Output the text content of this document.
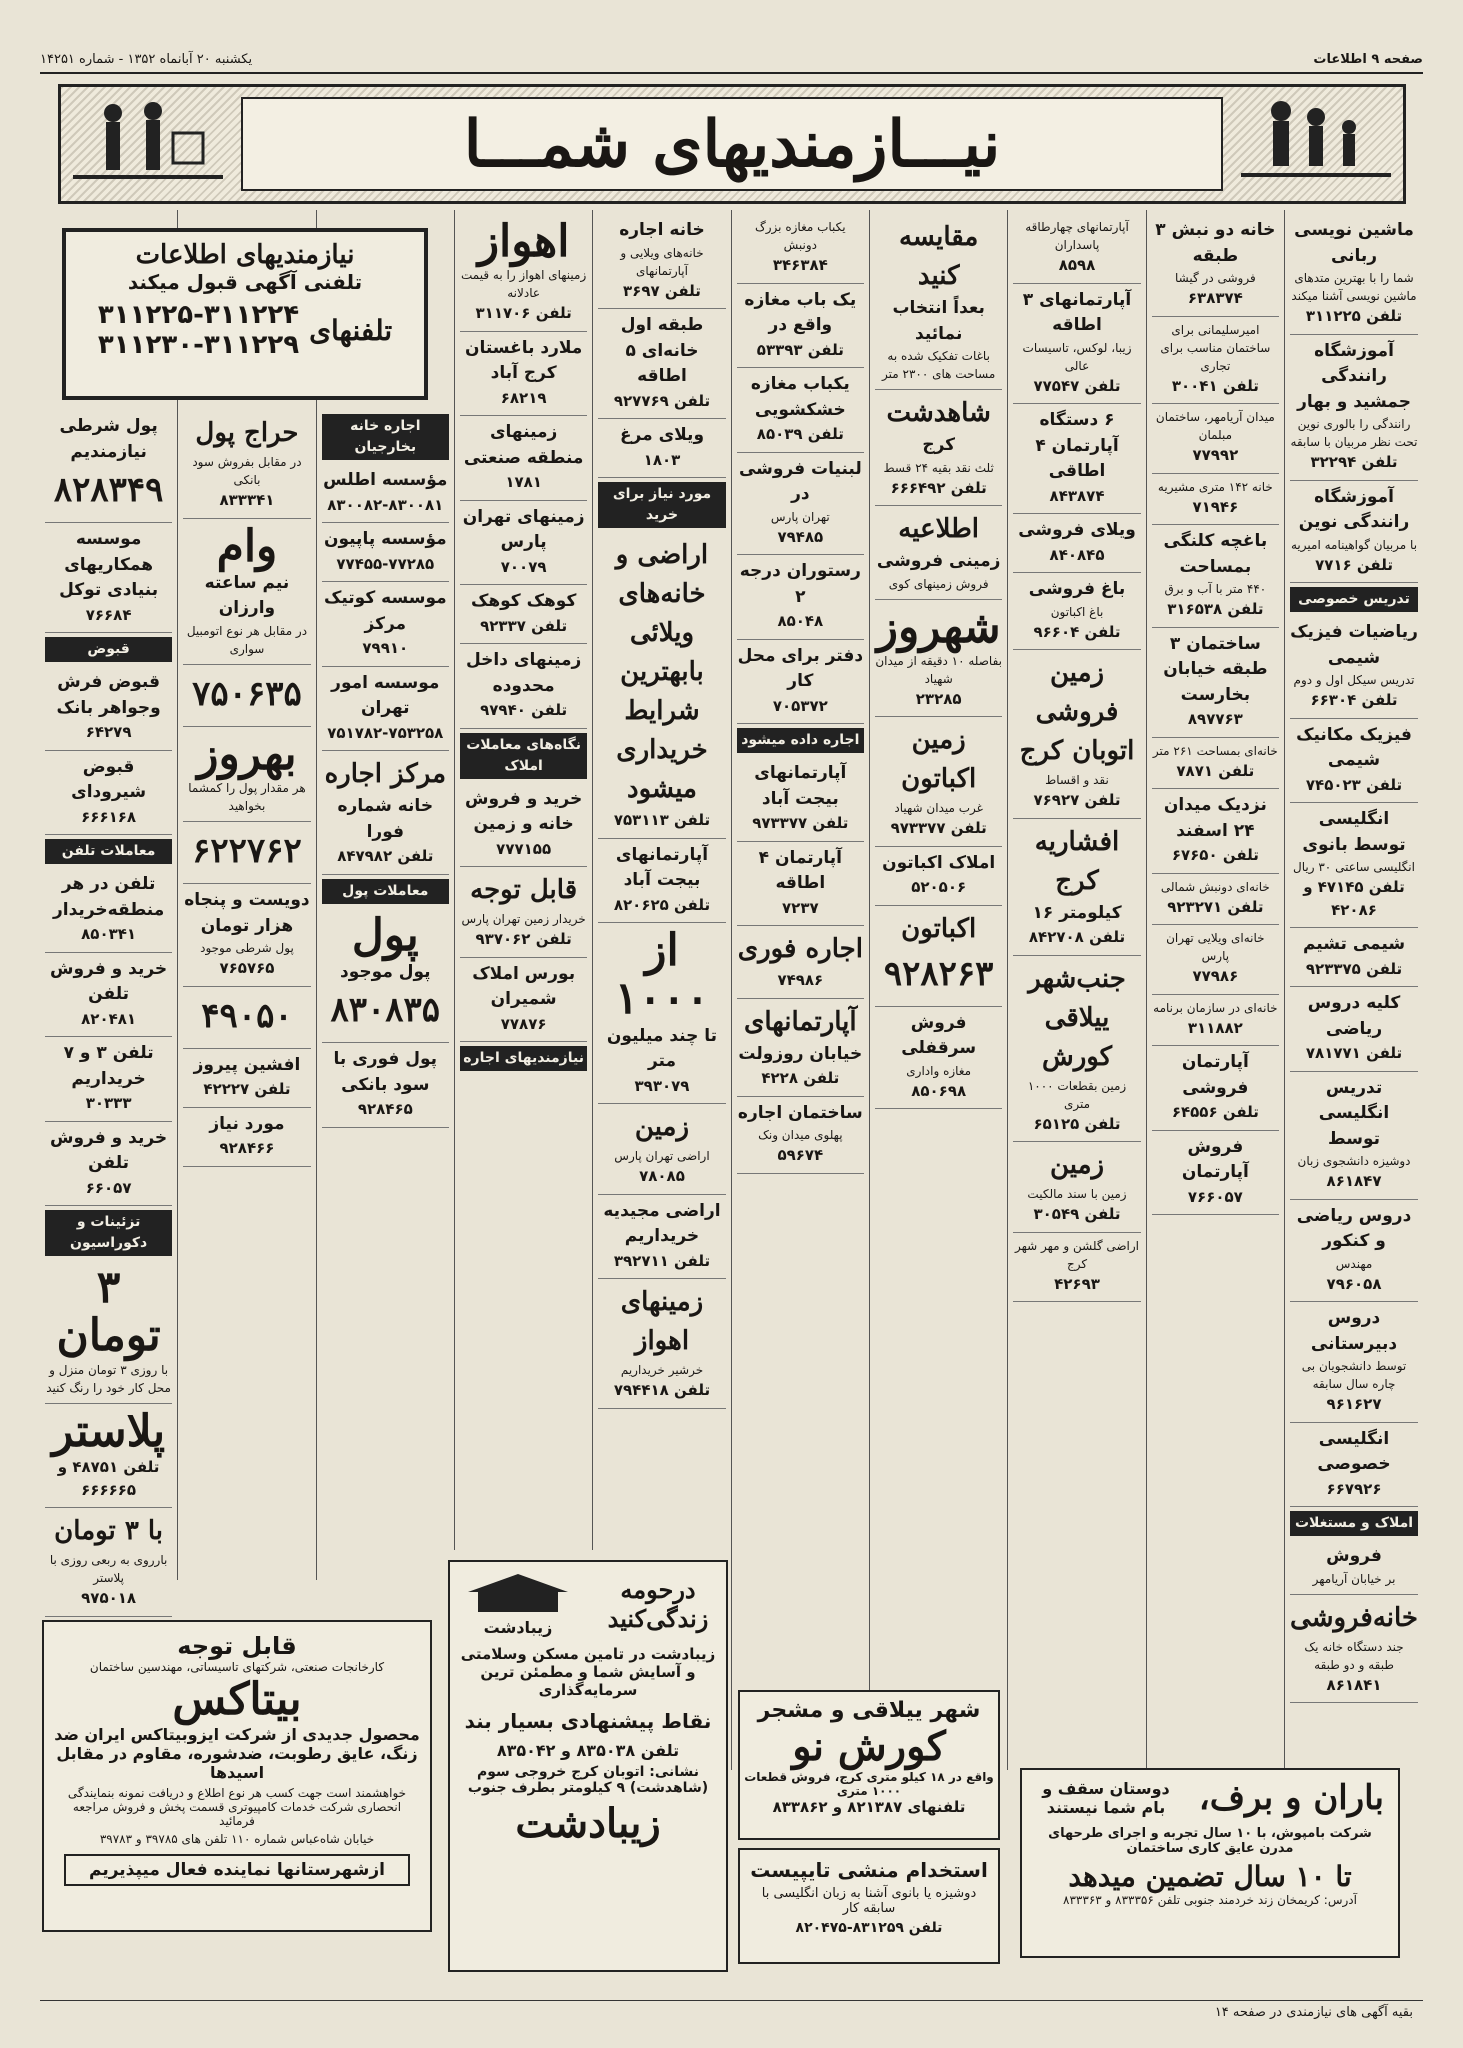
صفحه ۹ اطلاعات
یکشنبه ۲۰ آبانماه ۱۳۵۲ - شماره ۱۴۲۵۱
نیـــازمندیهای شمـــا
ماشین نویسی ربانی
شما را با بهترین متدهای ماشین نویسی آشنا میکند
تلفن ۳۱۱۲۲۵
آموزشگاه رانندگی جمشید و بهار
رانندگی را بالوری نوین تحت نظر مربیان با سابقه
تلفن ۳۲۲۹۴
آموزشگاه رانندگی نوین
با مربیان گواهینامه امیریه
تلفن ۷۷۱۶
تدریس خصوصی
ریاضیات فیزیک شیمی
تدریس سیکل اول و دوم
تلفن ۶۶۳۰۴
فیزیک مکانیک شیمی
تلفن ۷۴۵۰۲۳
انگلیسی توسط بانوی
انگلیسی ساعتی ۳۰ ریال
تلفن ۴۷۱۴۵ و ۴۲۰۸۶
شیمی تشیم
تلفن ۹۲۳۳۷۵
کلیه دروس ریاضی
تلفن ۷۸۱۷۷۱
تدریس انگلیسی توسط
دوشیزه دانشجوی زبان
۸۶۱۸۴۷
دروس ریاضی و کنکور
مهندس
۷۹۶۰۵۸
دروس دبیرستانی
توسط دانشجویان بی چاره سال سابقه
۹۶۱۶۲۷
انگلیسی خصوصی
۶۶۷۹۲۶
املاک و مستغلات
فروش
بر خیابان آریامهر
خانه‌فروشی
جند دستگاه خانه یک طبقه و دو طبقه
۸۶۱۸۴۱
خانه دو نبش ۳ طبقه
فروشی در گیشا
۶۳۸۳۷۴
امیرسلیمانی برای ساختمان مناسب برای تجاری
تلفن ۳۰۰۴۱
میدان آریامهر، ساختمان مبلمان
۷۷۹۹۲
خانه ۱۴۲ متری مشیریه
۷۱۹۴۶
باغچه کلنگی بمساحت
۴۴۰ متر با آب و برق
تلفن ۳۱۶۵۳۸
ساختمان ۳ طبقه خیابان بخارست
۸۹۷۷۶۳
خانه‌ای بمساحت ۲۶۱ متر
تلفن ۷۸۷۱
نزدیک میدان ۲۴ اسفند
تلفن ۶۷۶۵۰
خانه‌ای دونبش شمالی
تلفن ۹۲۳۲۷۱
خانه‌ای ویلایی تهران پارس
۷۷۹۸۶
خانه‌ای در سازمان برنامه
۳۱۱۸۸۲
آپارتمان فروشی
تلفن ۶۴۵۵۶
فروش آپارتمان
۷۶۶۰۵۷
آپارتمانهای چهارطاقه پاسداران
۸۵۹۸
آپارتمانهای ۳ اطاقه
زیبا، لوکس، تاسیسات عالی
تلفن ۷۷۵۴۷
۶ دستگاه آپارتمان ۴ اطاقی
۸۴۳۸۷۴
ویلای فروشی
۸۴۰۸۴۵
باغ فروشی
باغ اکباتون
تلفن ۹۶۶۰۴
زمین فروشی اتوبان کرج
نقد و اقساط
تلفن ۷۶۹۲۷
افشاریه کرج
کیلومتر ۱۶
تلفن ۸۴۲۷۰۸
جنب‌شهر ییلاقی کورش
زمین بقطعات ۱۰۰۰ متری
تلفن ۶۵۱۲۵
زمین
زمین با سند مالکیت
تلفن ۳۰۵۴۹
اراضی گلشن و مهر شهر کرج
۴۲۶۹۳
مقایسه کنید
بعداً انتخاب نمائید
باغات تفکیک شده به مساحت های ۲۳۰۰ متر
شاهدشت
کرج
ثلث نقد بقیه ۲۴ قسط
تلفن ۶۶۶۴۹۲
اطلاعیه
زمینی فروشی
فروش زمینهای کوی
شهروز
بفاصله ۱۰ دقیقه از میدان شهیاد
۲۳۲۸۵
زمین اکباتون
غرب میدان شهیاد
تلفن ۹۷۳۳۷۷
املاک اکباتون
۵۲۰۵۰۶
اکباتون
۹۲۸۲۶۳
فروش سرقفلی
مغازه واداری
۸۵۰۶۹۸
یکباب مغازه بزرگ دونبش
۳۴۶۳۸۴
یک باب مغازه واقع در
تلفن ۵۳۳۹۳
یکباب مغازه خشکشویی
تلفن ۸۵۰۳۹
لبنیات فروشی در
تهران پارس
۷۹۴۸۵
رستوران درجه ۲
۸۵۰۴۸
دفتر برای محل کار
۷۰۵۳۷۲
اجاره داده میشود
آپارتمانهای بیجت آباد
تلفن ۹۷۳۳۷۷
آپارتمان ۴ اطاقه
۷۲۳۷
اجاره فوری
۷۴۹۸۶
آپارتمانهای
خیابان روزولت
تلفن ۴۲۲۸
ساختمان اجاره
پهلوی میدان ونک
۵۹۶۷۴
خانه اجاره
خانه‌های ویلایی و آپارتمانهای
تلفن ۳۶۹۷
طبقه اول خانه‌ای ۵ اطاقه
تلفن ۹۲۷۷۶۹
ویلای مرغ
۱۸۰۳
مورد نیاز برای خرید
اراضی و خانه‌های ویلائی بابهترین شرایط خریداری میشود
تلفن ۷۵۳۱۱۳
آپارتمانهای بیجت آباد
تلفن ۸۲۰۶۲۵
از ۱۰۰۰
تا چند میلیون متر
۳۹۳۰۷۹
زمین
اراضی تهران پارس
۷۸۰۸۵
اراضی مجیدیه خریداریم
تلفن ۳۹۲۷۱۱
زمینهای اهواز
خرشیر خریداریم
تلفن ۷۹۴۴۱۸
اهواز
زمینهای اهواز را به قیمت عادلانه
تلفن ۳۱۱۷۰۶
ملارد باغستان کرج آباد
۶۸۲۱۹
زمینهای منطقه صنعتی
۱۷۸۱
زمینهای تهران پارس
۷۰۰۷۹
کوهک کوهک
تلفن ۹۲۳۳۷
زمینهای داخل محدوده
تلفن ۹۷۹۴۰
نگاه‌های معاملات املاک
خرید و فروش خانه و زمین
۷۷۷۱۵۵
قابل توجه
خریدار زمین تهران پارس
تلفن ۹۳۷۰۶۲
بورس املاک شمیران
۷۷۸۷۶
نیازمندیهای اجاره
اجاره خانه بخارجیان
مؤسسه اطلس
۸۳۰۰۸۲-۸۳۰۰۸۱
مؤسسه پاپیون
۷۷۴۵۵-۷۷۲۸۵
موسسه کوتیک مرکز
۷۹۹۱۰
موسسه امور تهران
۷۵۱۷۸۲-۷۵۳۲۵۸
مرکز اجاره
خانه شماره فورا
تلفن ۸۴۷۹۸۲
معاملات پول
پول
پول موجود
۸۳۰۸۳۵
پول فوری با سود بانکی
۹۲۸۴۶۵
حراج پول
در مقابل بفروش سود بانکی
۸۳۳۳۴۱
وام
نیم ساعته وارزان
در مقابل هر نوع اتومبیل سواری
۷۵۰۶۳۵
بهروز
هر مقدار پول را کمشما بخواهید
۶۲۲۷۶۲
دویست و پنجاه هزار تومان
پول شرطی موجود
۷۶۵۷۶۵
۴۹۰۵۰
افشین پیروز
تلفن ۴۲۲۲۷
مورد نیاز
۹۲۸۴۶۶
پول شرطی نیازمندیم
۸۲۸۳۴۹
موسسه همکاریهای بنیادی توکل
۷۶۶۸۴
قبوض
قبوض فرش وجواهر بانک
۶۴۲۷۹
قبوض شیرودای
۶۶۶۱۶۸
معاملات تلفن
تلفن در هر منطقه‌خریدار
۸۵۰۳۴۱
خرید و فروش تلفن
۸۲۰۴۸۱
تلفن ۳ و ۷ خریداریم
۳۰۳۳۳
خرید و فروش تلفن
۶۶۰۵۷
تزئینات و دکوراسیون
۳ تومان
با روزی ۳ تومان منزل و محل کار خود را رنگ کنید
پلاستر
تلفن ۴۸۷۵۱ و ۶۶۶۶۶۵
با ۳ تومان
بارروی به ربعی روزی با پلاستر
۹۷۵۰۱۸
نیازمندیهای اطلاعات
تلفنی آگهی قبول میکند
تلفنهای
۳۱۱۲۲۵-۳۱۱۲۲۴
۳۱۱۲۳۰-۳۱۱۲۲۹
قابل توجه
کارخانجات صنعتی، شرکتهای تاسیساتی، مهندسین ساختمان
بیتاکس
محصول جدیدی از شرکت ایزوبیتاکس ایران ضد زنگ، عایق رطوبت، ضدشوره، مقاوم در مقابل اسیدها
خواهشمند است جهت کسب هر نوع اطلاع و دریافت نمونه بنمایندگی انحصاری شرکت خدمات کامپیوتری قسمت پخش و فروش مراجعه فرمائید
خیابان شاه‌عباس شماره ۱۱۰ تلفن های ۳۹۷۸۵ و ۳۹۷۸۳
ازشهرستانها نماینده فعال میپذیریم
درحومه زندگی‌کنید
زیبادشت
زیبادشت در تامین مسکن وسلامتی و آسایش شما و مطمئن ترین سرمایه‌گذاری
نقاط پیشنهادی بسیار ‌بند
تلفن ۸۳۵۰۳۸ و ۸۳۵۰۴۲
نشانی: اتوبان کرج خروجی سوم (شاهدشت) ۹ کیلومتر بطرف جنوب
زیبادشت
شهر ییلاقی و مشجر
کورش‌ نو
واقع در ۱۸ کیلو متری کرج، فروش قطعات ۱۰۰۰ متری
تلفنهای ۸۲۱۳۸۷ و ۸۳۳۸۶۲
استخدام منشی تایپیست
دوشیزه یا بانوی آشنا به زبان انگلیسی با سابقه کار
تلفن ۸۳۱۲۵۹-۸۲۰۴۷۵
باران و برف،
دوستان سقف و بام شما نیستند
شرکت بامپوش، با ۱۰ سال تجربه و اجرای طرحهای مدرن عایق کاری ساختمان
تا ۱۰ سال تضمین میدهد
آدرس: کریمخان زند خردمند جنوبی تلفن ۸۳۳۳۵۶ و ۸۳۳۳۶۳
بقیه آگهی های نیازمندی در صفحه ۱۴
